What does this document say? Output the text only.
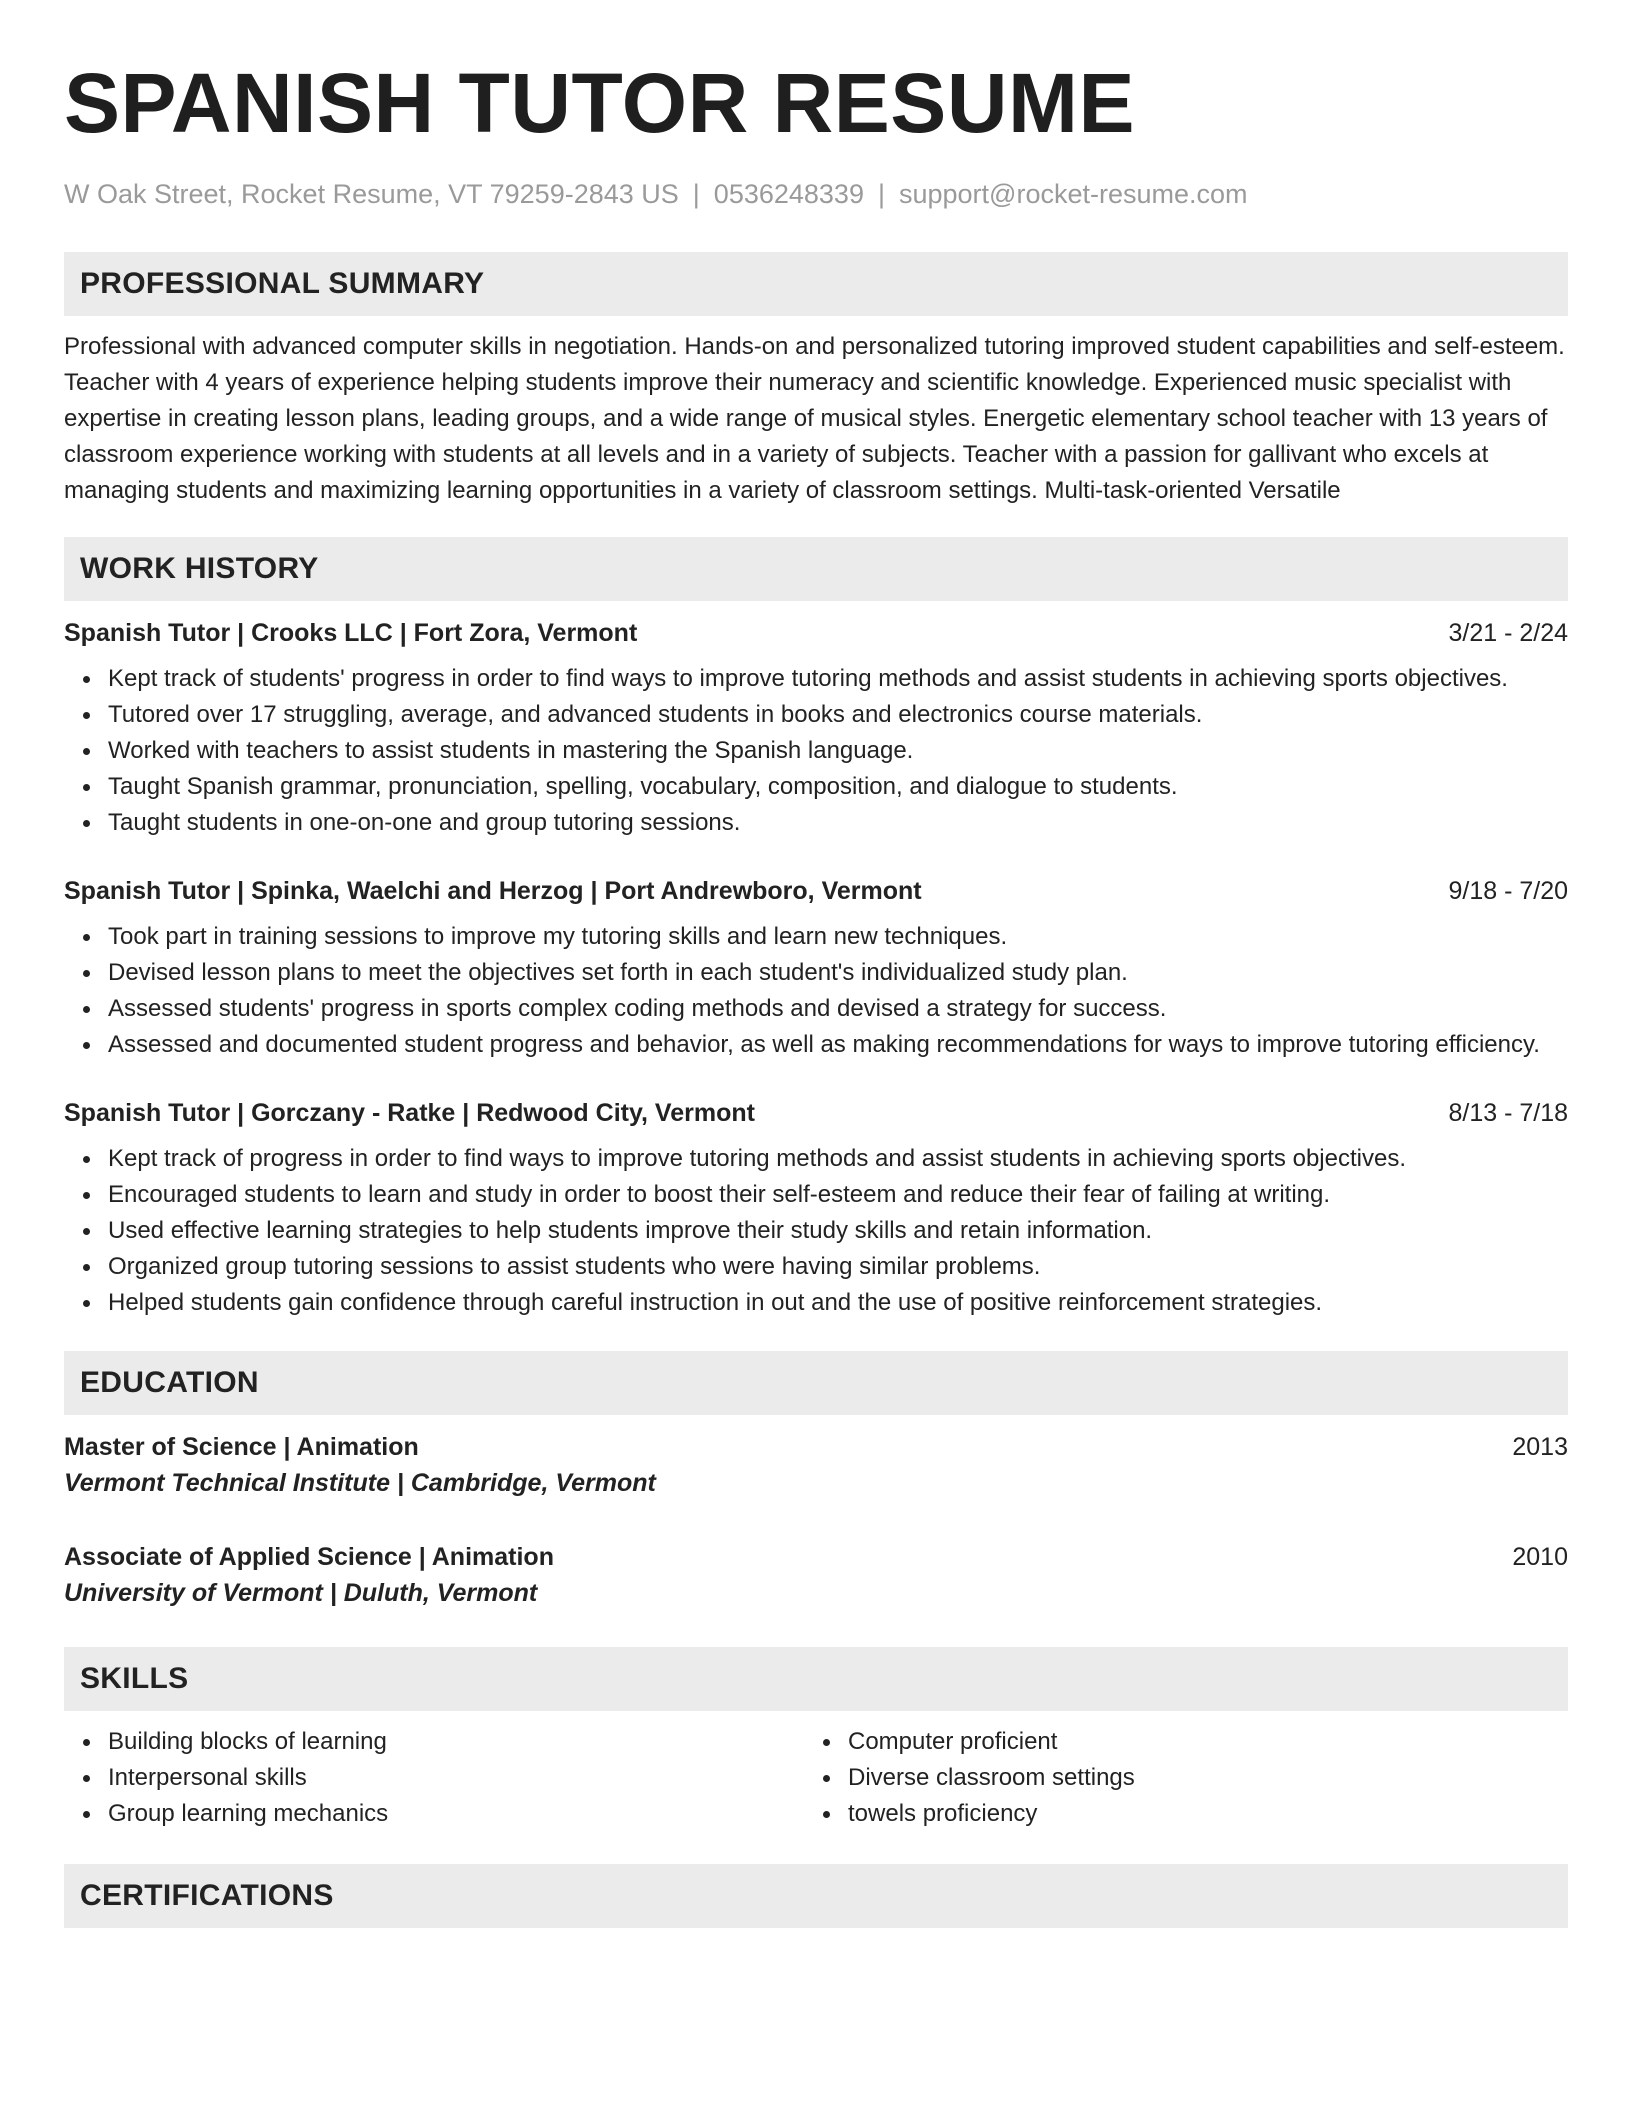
SPANISH TUTOR RESUME
W Oak Street, Rocket Resume, VT 79259-2843 US | 0536248339 | support@rocket-resume.com
PROFESSIONAL SUMMARY

Professional with advanced computer skills in negotiation. Hands-on and personalized tutoring improved student capabilities and self-esteem. Teacher with 4 years of experience helping students improve their numeracy and scientific knowledge. Experienced music specialist with expertise in creating lesson plans, leading groups, and a wide range of musical styles. Energetic elementary school teacher with 13 years of classroom experience working with students at all levels and in a variety of subjects. Teacher with a passion for gallivant who excels at managing students and maximizing learning opportunities in a variety of classroom settings. Multi-task-oriented Versatile

WORK HISTORY
Spanish Tutor | Crooks LLC | Fort Zora, Vermont	3/21 - 2/24
Kept track of students' progress in order to find ways to improve tutoring methods and assist students in achieving sports objectives.
Tutored over 17 struggling, average, and advanced students in books and electronics course materials.
Worked with teachers to assist students in mastering the Spanish language.
Taught Spanish grammar, pronunciation, spelling, vocabulary, composition, and dialogue to students.
Taught students in one-on-one and group tutoring sessions.
Spanish Tutor | Spinka, Waelchi and Herzog | Port Andrewboro, Vermont	9/18 - 7/20
Took part in training sessions to improve my tutoring skills and learn new techniques.
Devised lesson plans to meet the objectives set forth in each student's individualized study plan.
Assessed students' progress in sports complex coding methods and devised a strategy for success.
Assessed and documented student progress and behavior, as well as making recommendations for ways to improve tutoring efficiency.
Spanish Tutor | Gorczany - Ratke | Redwood City, Vermont	8/13 - 7/18
Kept track of progress in order to find ways to improve tutoring methods and assist students in achieving sports objectives.
Encouraged students to learn and study in order to boost their self-esteem and reduce their fear of failing at writing.
Used effective learning strategies to help students improve their study skills and retain information.
Organized group tutoring sessions to assist students who were having similar problems.
Helped students gain confidence through careful instruction in out and the use of positive reinforcement strategies.
EDUCATION
Master of Science | Animation	2013
Vermont Technical Institute | Cambridge, Vermont
Associate of Applied Science | Animation	2010
University of Vermont | Duluth, Vermont
SKILLS
Building blocks of learning
Interpersonal skills
Group learning mechanics
Computer proficient
Diverse classroom settings
towels proficiency
CERTIFICATIONS
